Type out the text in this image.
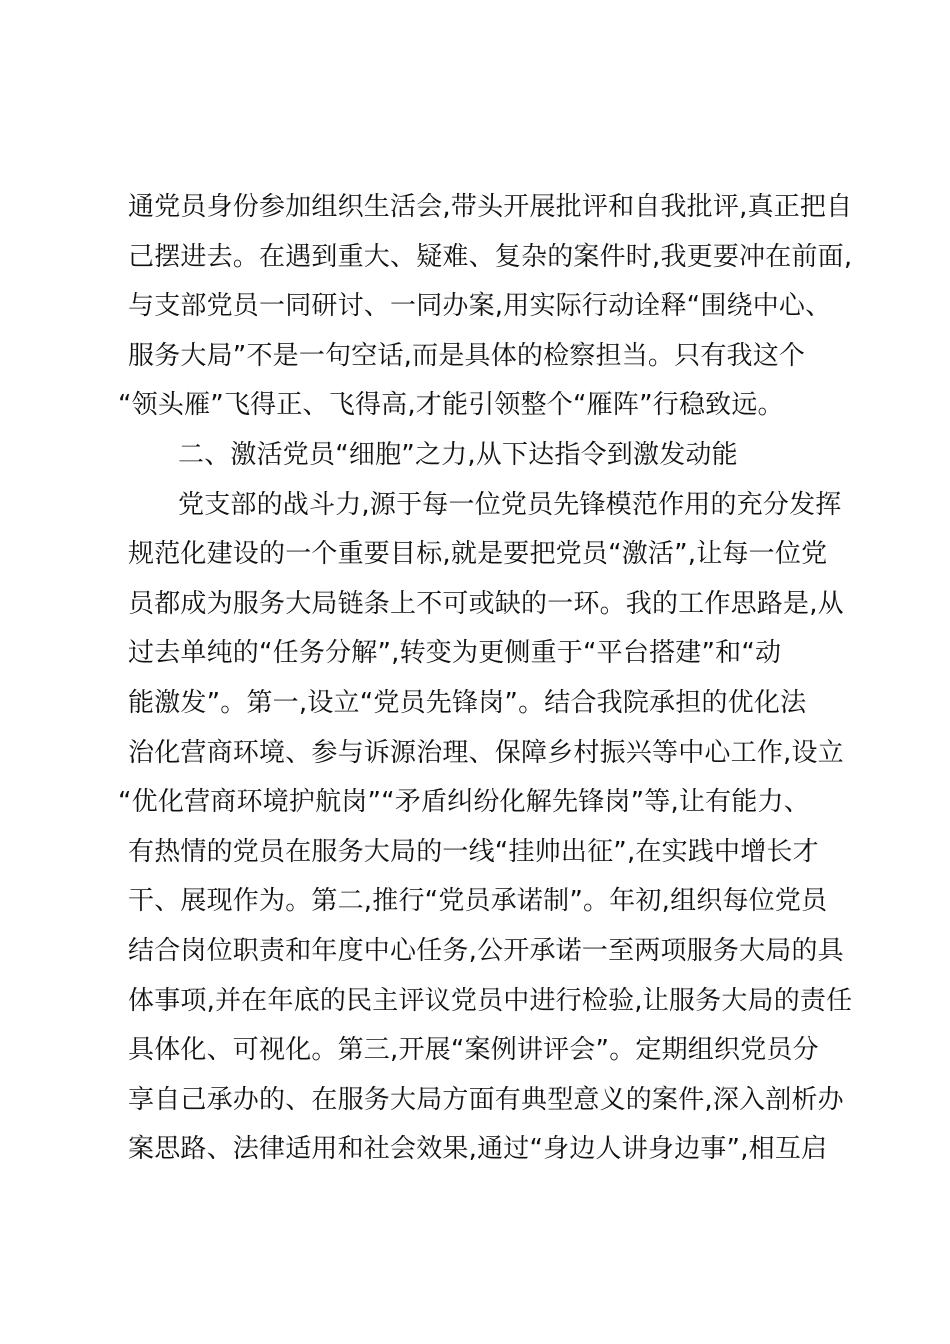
通党员身份参加组织生活会,带头开展批评和自我批评,真正把自
己摆进去。在遇到重大、疑难、复杂的案件时,我更要冲在前面,
与支部党员一同研讨、一同办案,用实际行动诠释“围绕中心、
服务大局”不是一句空话,而是具体的检察担当。只有我这个
“领头雁”飞得正、飞得高,才能引领整个“雁阵”行稳致远。
二、激活党员“细胞”之力,从下达指令到激发动能
党支部的战斗力,源于每一位党员先锋模范作用的充分发挥
规范化建设的一个重要目标,就是要把党员“激活”,让每一位党
员都成为服务大局链条上不可或缺的一环。我的工作思路是,从
过去单纯的“任务分解”,转变为更侧重于“平台搭建”和“动
能激发”。第一,设立“党员先锋岗”。结合我院承担的优化法
治化营商环境、参与诉源治理、保障乡村振兴等中心工作,设立
“优化营商环境护航岗”“矛盾纠纷化解先锋岗”等,让有能力、
有热情的党员在服务大局的一线“挂帅出征”,在实践中增长才
干、展现作为。第二,推行“党员承诺制”。年初,组织每位党员
结合岗位职责和年度中心任务,公开承诺一至两项服务大局的具
体事项,并在年底的民主评议党员中进行检验,让服务大局的责任
具体化、可视化。第三,开展“案例讲评会”。定期组织党员分
享自己承办的、在服务大局方面有典型意义的案件,深入剖析办
案思路、法律适用和社会效果,通过“身边人讲身边事”,相互启
